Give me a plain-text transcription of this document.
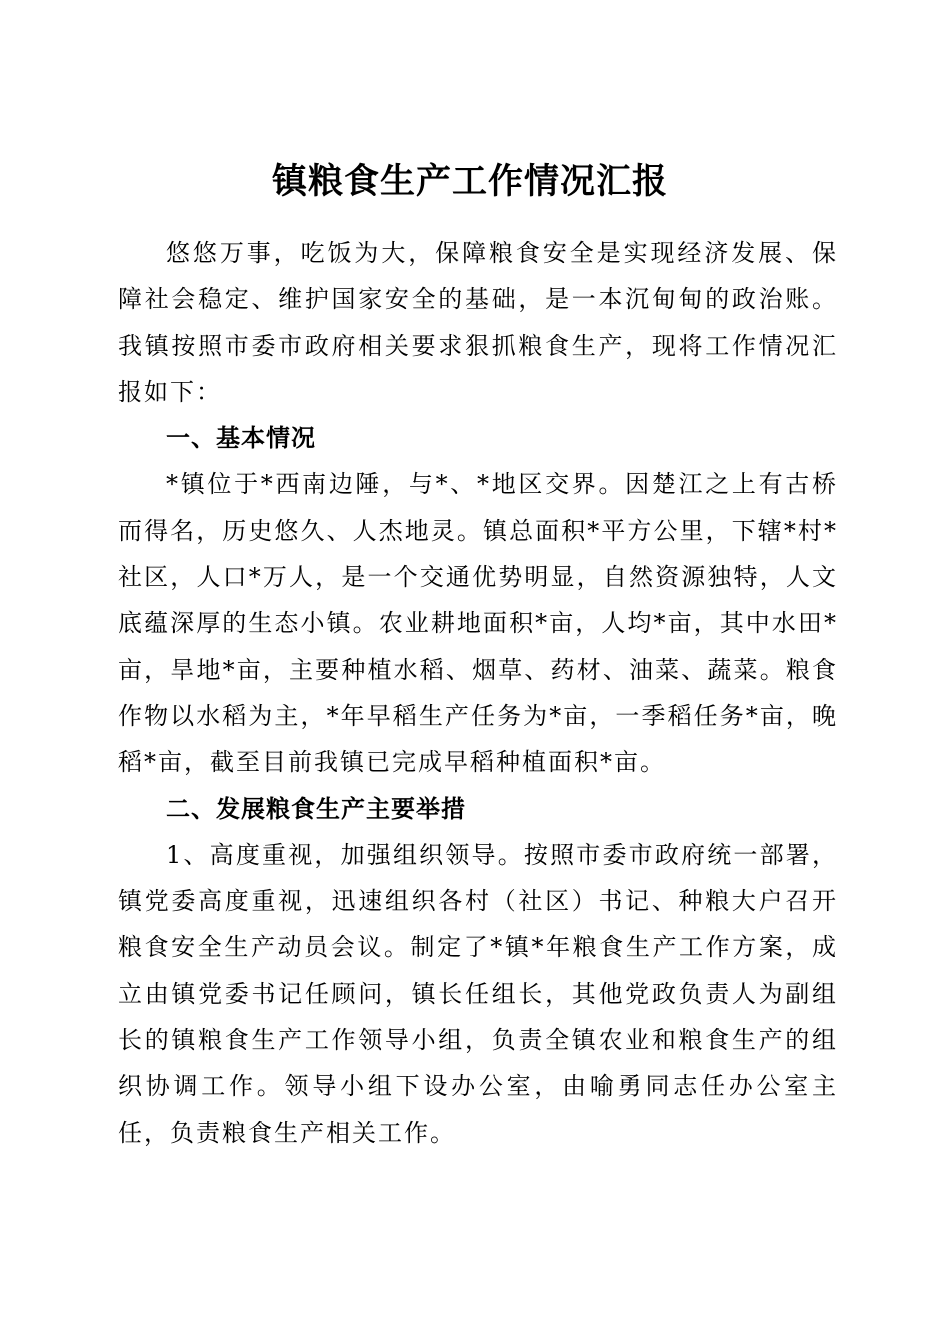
镇粮食生产工作情况汇报

悠悠万事，吃饭为大，保障粮食安全是实现经济发展、保障社会稳定、维护国家安全的基础，是一本沉甸甸的政治账。我镇按照市委市政府相关要求狠抓粮食生产，现将工作情况汇报如下：

一、基本情况

*镇位于*西南边陲，与*、*地区交界。因楚江之上有古桥而得名，历史悠久、人杰地灵。镇总面积*平方公里，下辖*村*社区，人口*万人，是一个交通优势明显，自然资源独特，人文底蕴深厚的生态小镇。农业耕地面积*亩，人均*亩，其中水田*亩，旱地*亩，主要种植水稻、烟草、药材、油菜、蔬菜。粮食作物以水稻为主，*年早稻生产任务为*亩，一季稻任务*亩，晚稻*亩，截至目前我镇已完成早稻种植面积*亩。

二、发展粮食生产主要举措

1、高度重视，加强组织领导。按照市委市政府统一部署，镇党委高度重视，迅速组织各村（社区）书记、种粮大户召开粮食安全生产动员会议。制定了*镇*年粮食生产工作方案，成立由镇党委书记任顾问，镇长任组长，其他党政负责人为副组长的镇粮食生产工作领导小组，负责全镇农业和粮食生产的组织协调工作。领导小组下设办公室，由喻勇同志任办公室主任，负责粮食生产相关工作。
